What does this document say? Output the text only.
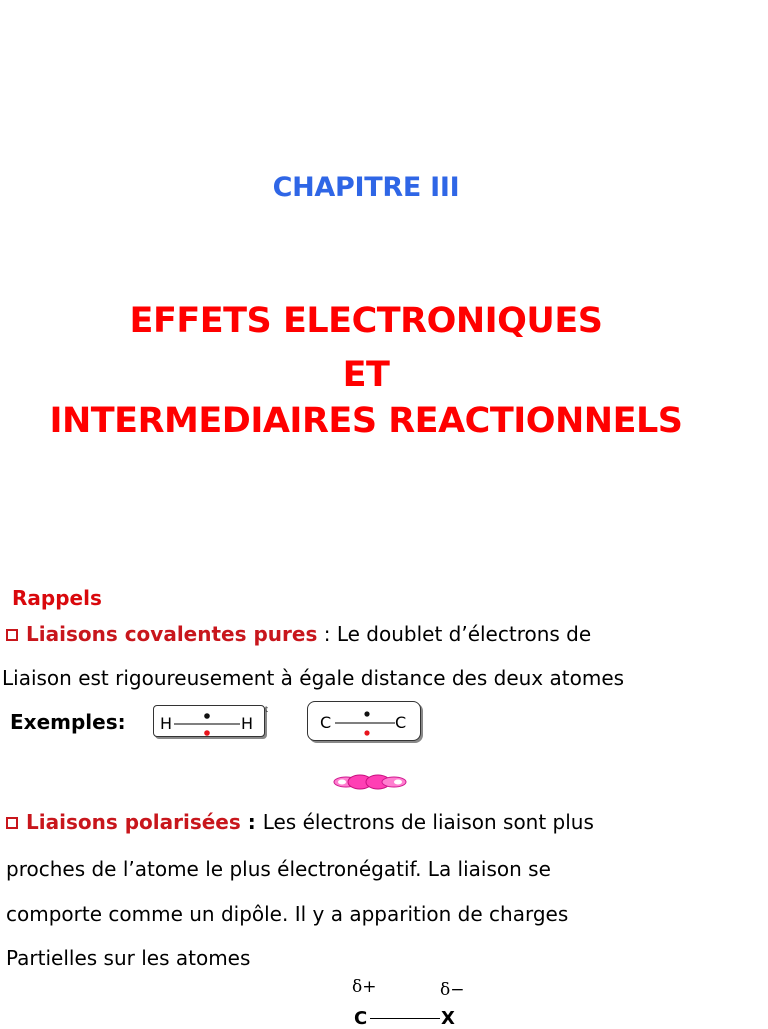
CHAPITRE III
EFFETS ELECTRONIQUES
ET
INTERMEDIAIRES REACTIONNELS
Rappels
Liaisons covalentes pures : Le doublet d’électrons de
Liaison est rigoureusement à égale distance des deux atomes
Exemples: H	H
t
C	C
Liaisons polarisées : Les électrons de liaison sont plus
proches de l’atome le plus électronégatif. La liaison se
comporte comme un dipôle. Il y a apparition de charges
Partielles sur les atomes
δ+	δ−
C	X
